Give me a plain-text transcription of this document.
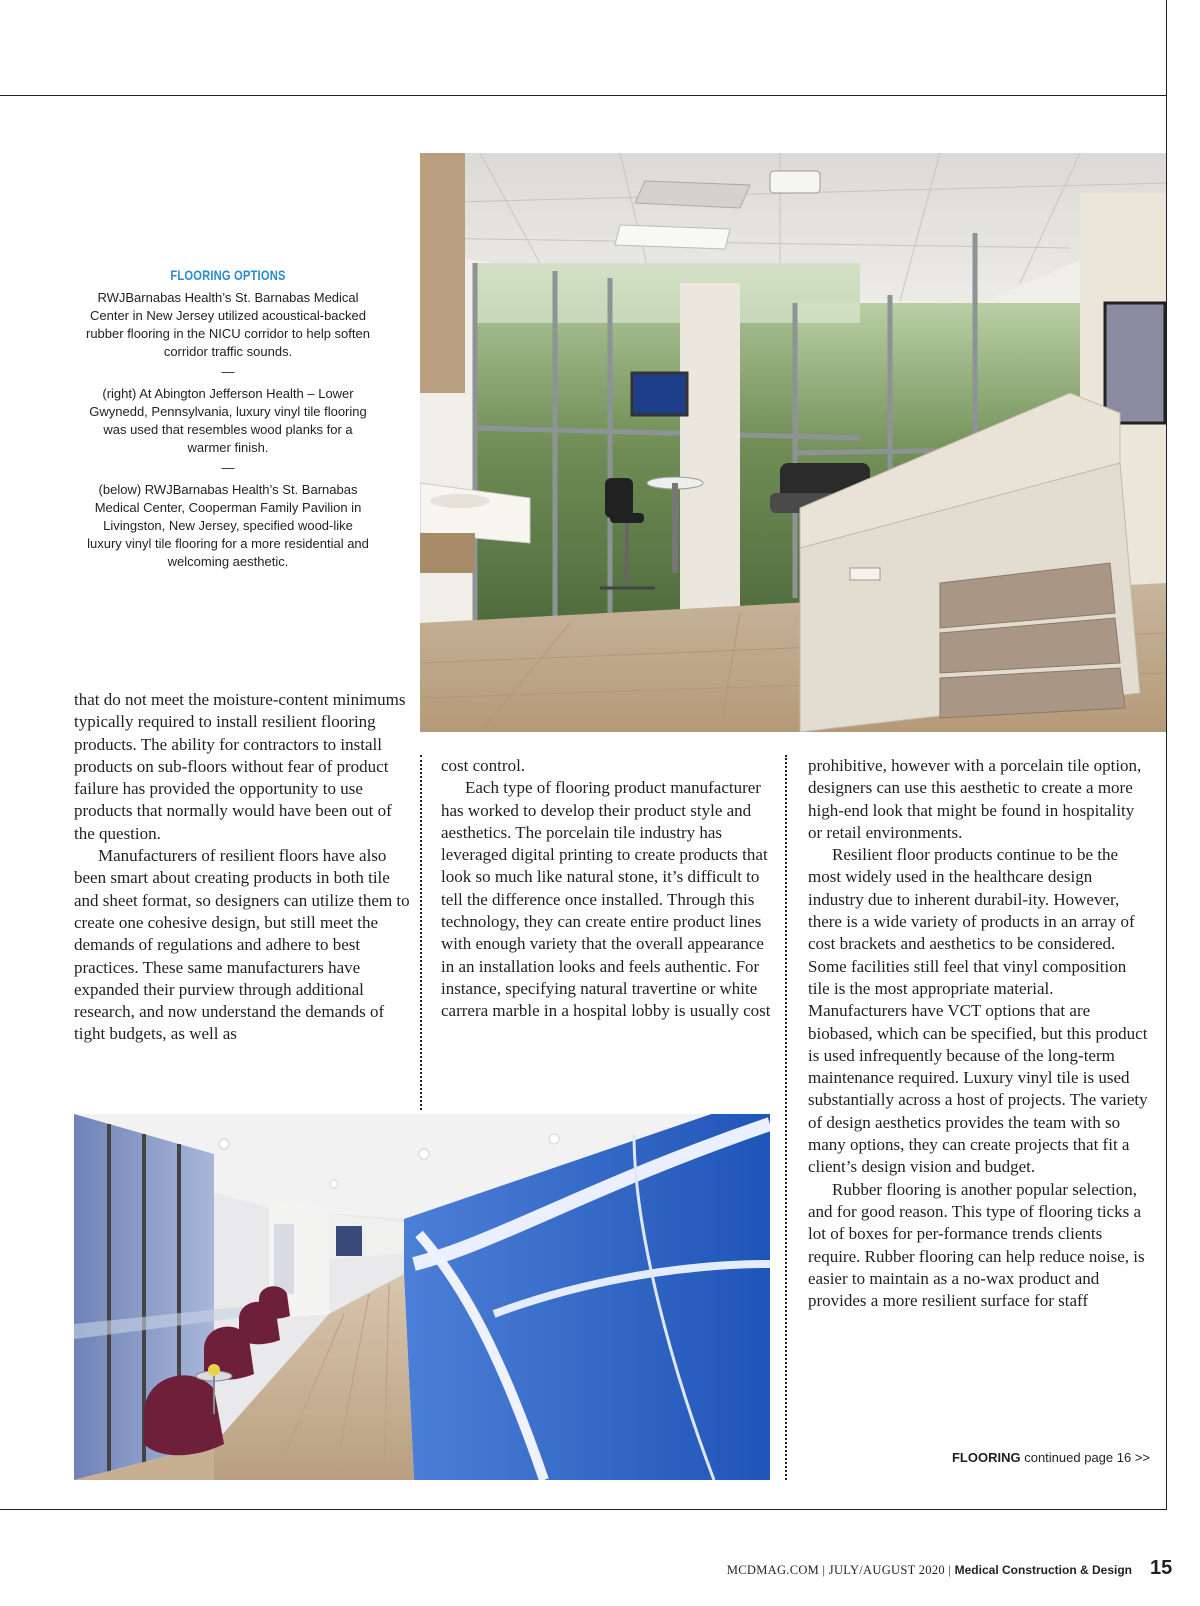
FLOORING OPTIONS

RWJBarnabas Health’s St. Barnabas Medical Center in New Jersey utilized acoustical-backed rubber flooring in the NICU corridor to help soften corridor traffic sounds.

—

(right) At Abington Jefferson Health – Lower Gwynedd, Pennsylvania, luxury vinyl tile flooring was used that resembles wood planks for a warmer finish.

—

(below) RWJBarnabas Health’s St. Barnabas Medical Center, Cooperman Family Pavilion in Livingston, New Jersey, specified wood-like luxury vinyl tile flooring for a more residential and welcoming aesthetic.

that do not meet the moisture-content minimums typically required to install resilient flooring products. The ability for contractors to install products on sub-floors without fear of product failure has provided the opportunity to use products that normally would have been out of the question.

Manufacturers of resilient floors have also been smart about creating products in both tile and sheet format, so designers can utilize them to create one cohesive design, but still meet the demands of regulations and adhere to best practices. These same manufacturers have expanded their purview through additional research, and now understand the demands of tight budgets, as well as

cost control.

Each type of flooring product manufacturer has worked to develop their product style and aesthetics. The porcelain tile industry has leveraged digital printing to create products that look so much like natural stone, it’s difficult to tell the difference once installed. Through this technology, they can create entire product lines with enough variety that the overall appearance in an installation looks and feels authentic. For instance, specifying natural travertine or white carrera marble in a hospital lobby is usually cost

prohibitive, however with a porcelain tile option, designers can use this aesthetic to create a more high-end look that might be found in hospitality or retail environments.

Resilient floor products continue to be the most widely used in the healthcare design industry due to inherent durabil-ity. However, there is a wide variety of products in an array of cost brackets and aesthetics to be considered. Some facilities still feel that vinyl composition tile is the most appropriate material. Manufacturers have VCT options that are biobased, which can be specified, but this product is used infrequently because of the long-term maintenance required. Luxury vinyl tile is used substantially across a host of projects. The variety of design aesthetics provides the team with so many options, they can create projects that fit a client’s design vision and budget.

Rubber flooring is another popular selection, and for good reason. This type of flooring ticks a lot of boxes for per-formance trends clients require. Rubber flooring can help reduce noise, is easier to maintain as a no-wax product and provides a more resilient surface for staff

FLOORING continued page 16 >>
MCDMAG.COM | JULY/AUGUST 2020 | Medical Construction & Design 15
